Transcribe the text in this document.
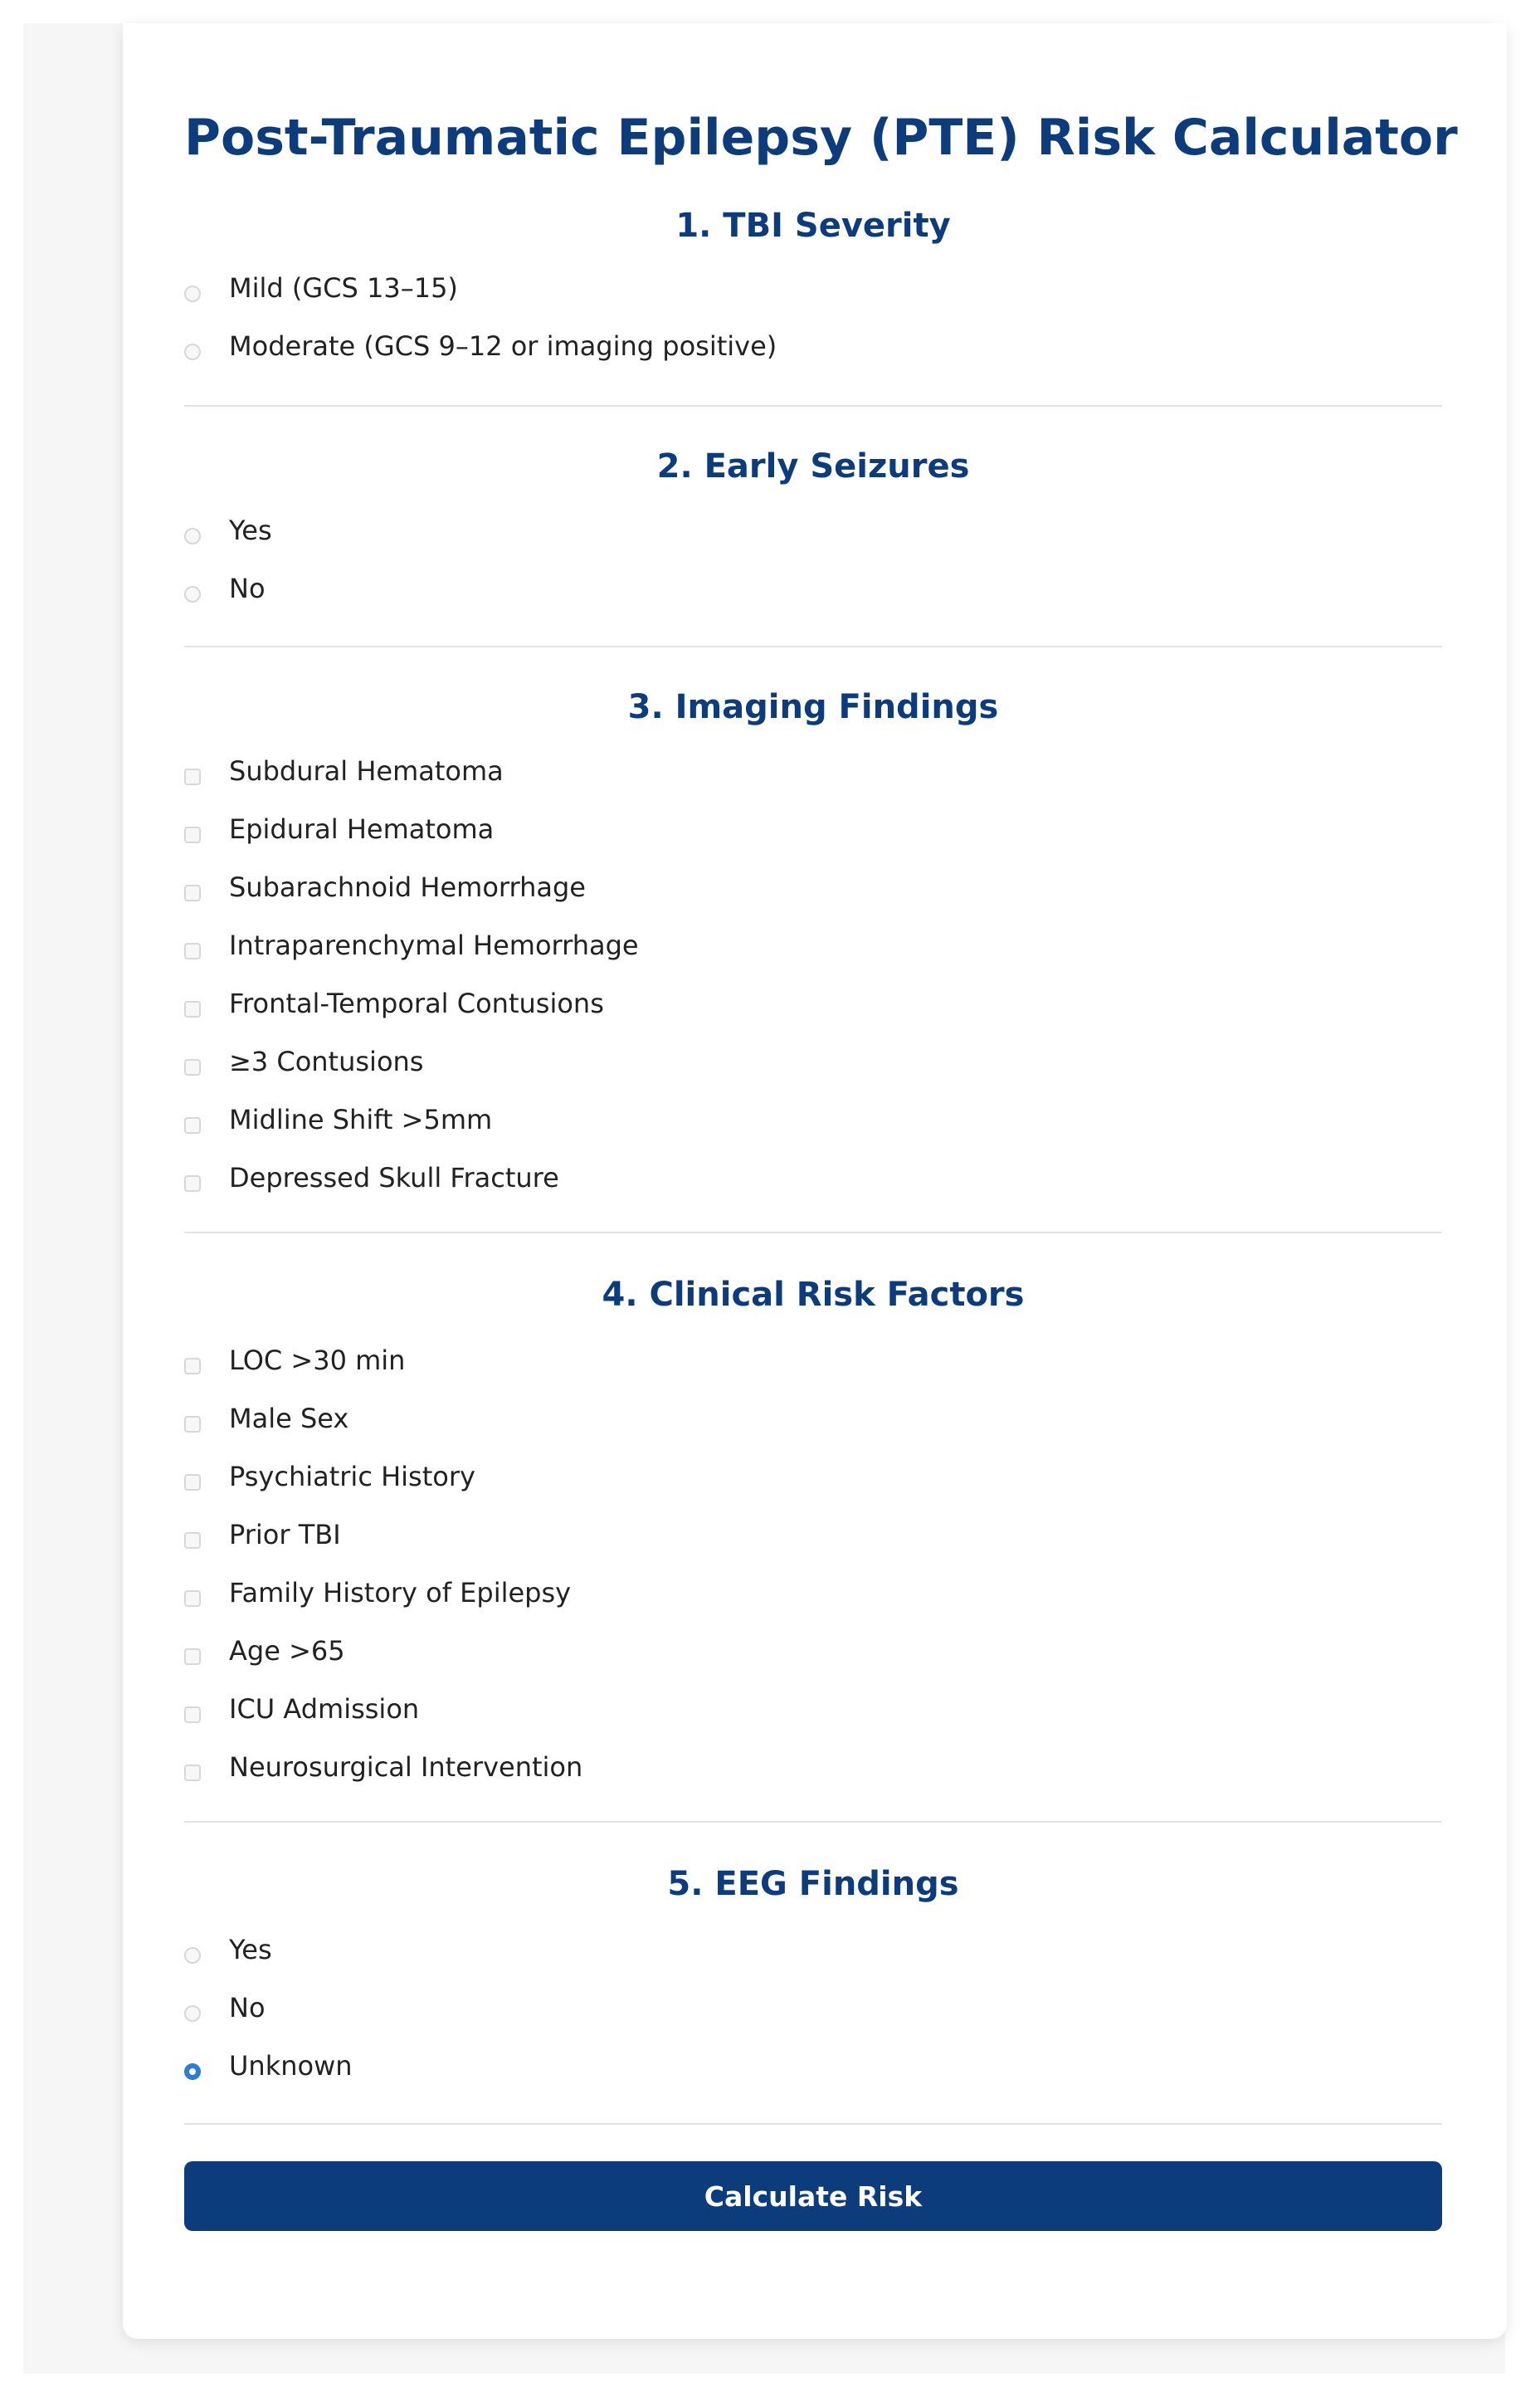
Post-Traumatic Epilepsy (PTE) Risk Calculator
1. TBI Severity
Mild (GCS 13–15)
Moderate (GCS 9–12 or imaging positive)
2. Early Seizures
Yes
No
3. Imaging Findings
Subdural Hematoma
Epidural Hematoma
Subarachnoid Hemorrhage
Intraparenchymal Hemorrhage
Frontal-Temporal Contusions
≥3 Contusions
Midline Shift >5mm
Depressed Skull Fracture
4. Clinical Risk Factors
LOC >30 min
Male Sex
Psychiatric History
Prior TBI
Family History of Epilepsy
Age >65
ICU Admission
Neurosurgical Intervention
5. EEG Findings
Yes
No
Unknown
Calculate Risk
